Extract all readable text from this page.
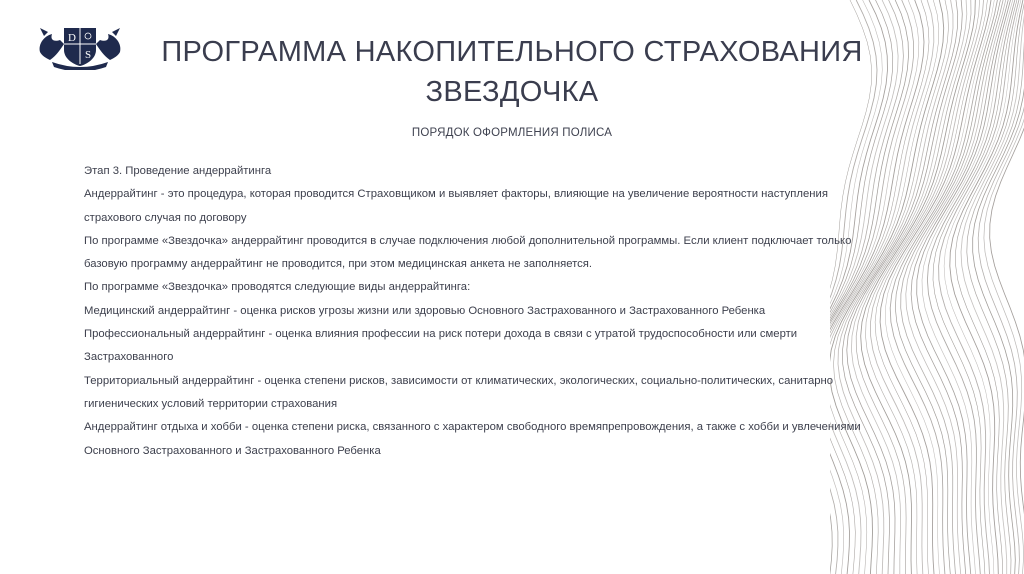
D
S	ПРОГРАММА НАКОПИТЕЛЬНОГО СТРАХОВАНИЯ
ЗВЕЗДОЧКА
ПОРЯДОК ОФОРМЛЕНИЯ ПОЛИСА
Этап 3. Проведение андеррайтинга
Андеррайтинг - это процедура, которая проводится Страховщиком и выявляет факторы, влияющие на увеличение вероятности наступления
страхового случая по договору
По программе «Звездочка» андеррайтинг проводится в случае подключения любой дополнительной программы. Если клиент подключает только
базовую программу андеррайтинг не проводится, при этом медицинская анкета не заполняется.
По программе «Звездочка» проводятся следующие виды андеррайтинга:
Медицинский андеррайтинг - оценка рисков угрозы жизни или здоровью Основного Застрахованного и Застрахованного Ребенка
Профессиональный андеррайтинг - оценка влияния профессии на риск потери дохода в связи с утратой трудоспособности или смерти
Застрахованного
Территориальный андеррайтинг - оценка степени рисков, зависимости от климатических, экологических, социально-политических, санитарно
гигиенических условий территории страхования
Андеррайтинг отдыха и хобби - оценка степени риска, связанного с характером свободного времяпрепровождения, а также с хобби и увлечениями
Основного Застрахованного и Застрахованного Ребенка
